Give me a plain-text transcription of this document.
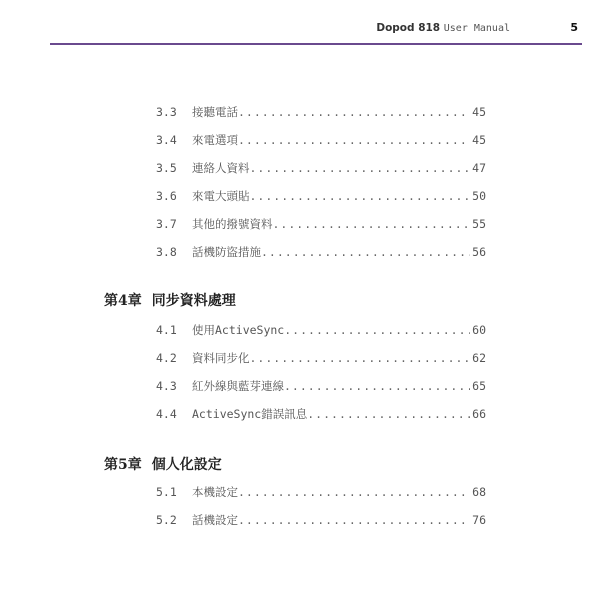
Dopod 818 User Manual	5
3.3	接聽電話 .....	45
3.4	來電選項 .....	45
3.5	連絡人資料 .....	47
3.6	來電大頭貼 .....	50
3.7	其他的撥號資料 .....	55
3.8	話機防盜措施 .....	56
第4章 同步資料處理
4.1	使用ActiveSync .....	60
4.2	資料同步化 .....	62
4.3	紅外線與藍芽連線 .....	65
4.4	ActiveSync錯誤訊息 .....	66
第5章 個人化設定
5.1	本機設定 .....	68
5.2	話機設定 .....	76
